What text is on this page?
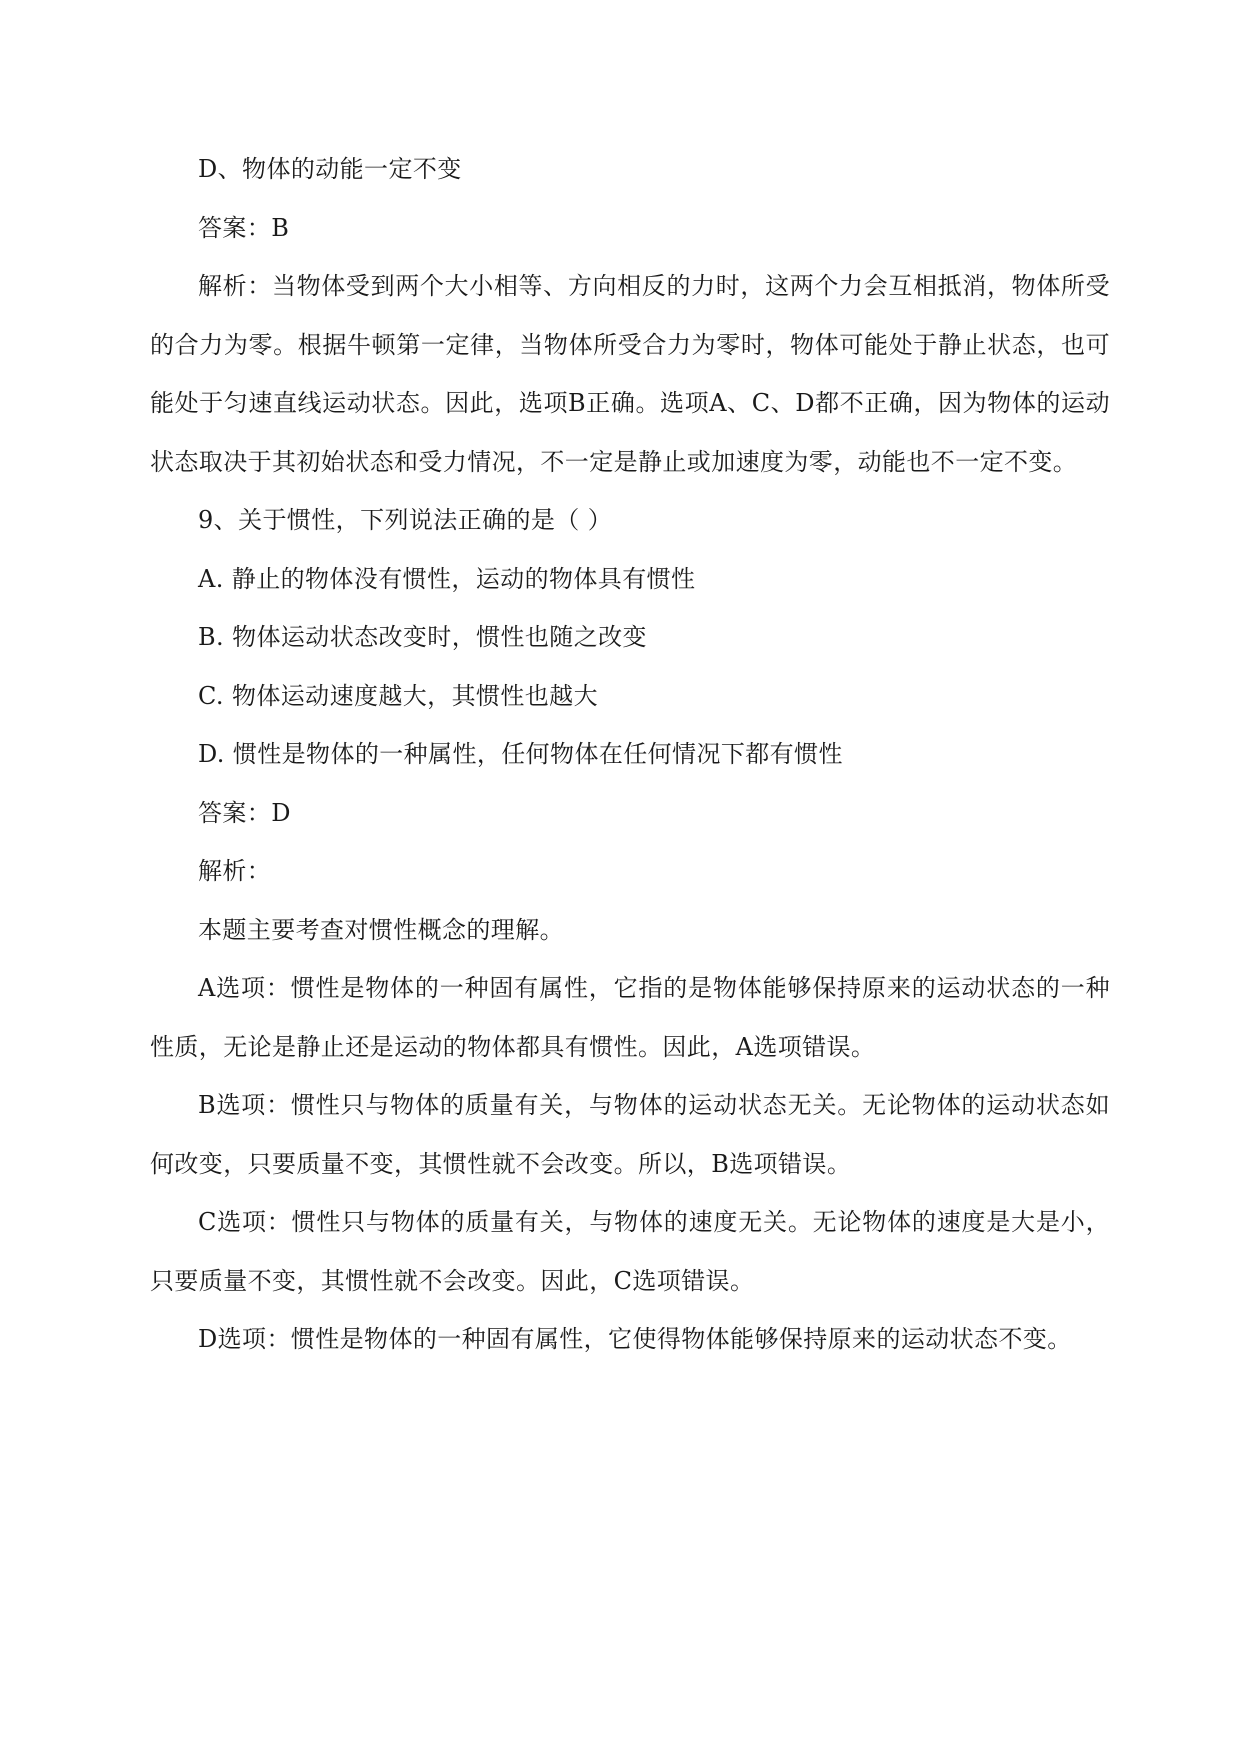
D、物体的动能一定不变

答案：B

解析：当物体受到两个大小相等、方向相反的力时，这两个力会互相抵消，物体所受的合力为零。根据牛顿第一定律，当物体所受合力为零时，物体可能处于静止状态，也可能处于匀速直线运动状态。因此，选项B正确。选项A、C、D都不正确，因为物体的运动状态取决于其初始状态和受力情况，不一定是静止或加速度为零，动能也不一定不变。

9、关于惯性，下列说法正确的是（ ）

A. 静止的物体没有惯性，运动的物体具有惯性

B. 物体运动状态改变时，惯性也随之改变

C. 物体运动速度越大，其惯性也越大

D. 惯性是物体的一种属性，任何物体在任何情况下都有惯性

答案：D

解析：

本题主要考查对惯性概念的理解。

A选项：惯性是物体的一种固有属性，它指的是物体能够保持原来的运动状态的一种性质，无论是静止还是运动的物体都具有惯性。因此，A选项错误。

B选项：惯性只与物体的质量有关，与物体的运动状态无关。无论物体的运动状态如何改变，只要质量不变，其惯性就不会改变。所以，B选项错误。

C选项：惯性只与物体的质量有关，与物体的速度无关。无论物体的速度是大是小，只要质量不变，其惯性就不会改变。因此，C选项错误。

D选项：惯性是物体的一种固有属性，它使得物体能够保持原来的运动状态不变。
